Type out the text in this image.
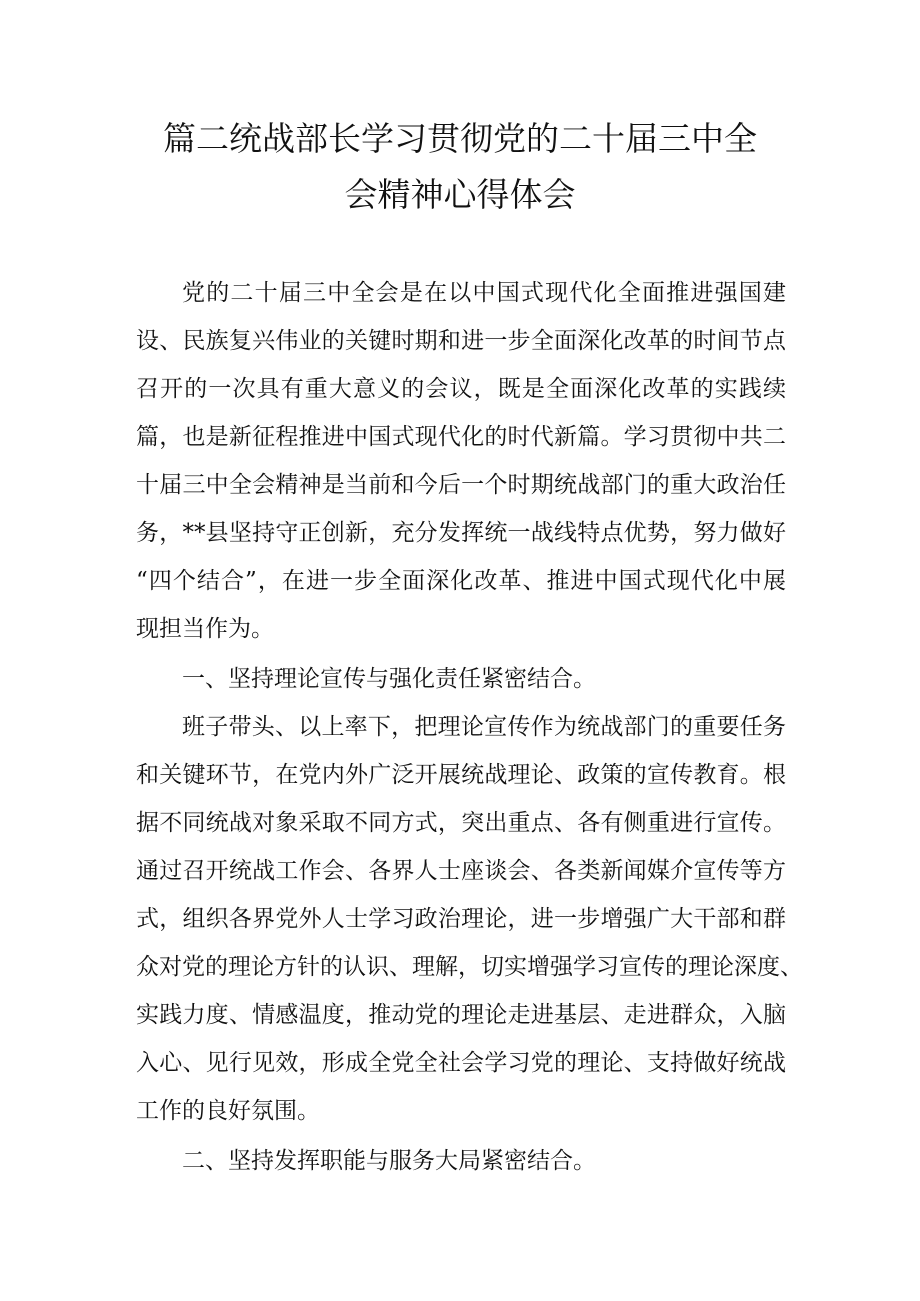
篇二统战部长学习贯彻党的二十届三中全
会精神心得体会
党的二十届三中全会是在以中国式现代化全面推进强国建
设、民族复兴伟业的关键时期和进一步全面深化改革的时间节点
召开的一次具有重大意义的会议，既是全面深化改革的实践续
篇，也是新征程推进中国式现代化的时代新篇。学习贯彻中共二
十届三中全会精神是当前和今后一个时期统战部门的重大政治任
务，**县坚持守正创新，充分发挥统一战线特点优势，努力做好
“四个结合”，在进一步全面深化改革、推进中国式现代化中展
现担当作为。
一、坚持理论宣传与强化责任紧密结合。
班子带头、以上率下，把理论宣传作为统战部门的重要任务
和关键环节，在党内外广泛开展统战理论、政策的宣传教育。根
据不同统战对象采取不同方式，突出重点、各有侧重进行宣传。
通过召开统战工作会、各界人士座谈会、各类新闻媒介宣传等方
式，组织各界党外人士学习政治理论，进一步增强广大干部和群
众对党的理论方针的认识、理解，切实增强学习宣传的理论深度、
实践力度、情感温度，推动党的理论走进基层、走进群众，入脑
入心、见行见效，形成全党全社会学习党的理论、支持做好统战
工作的良好氛围。
二、坚持发挥职能与服务大局紧密结合。
